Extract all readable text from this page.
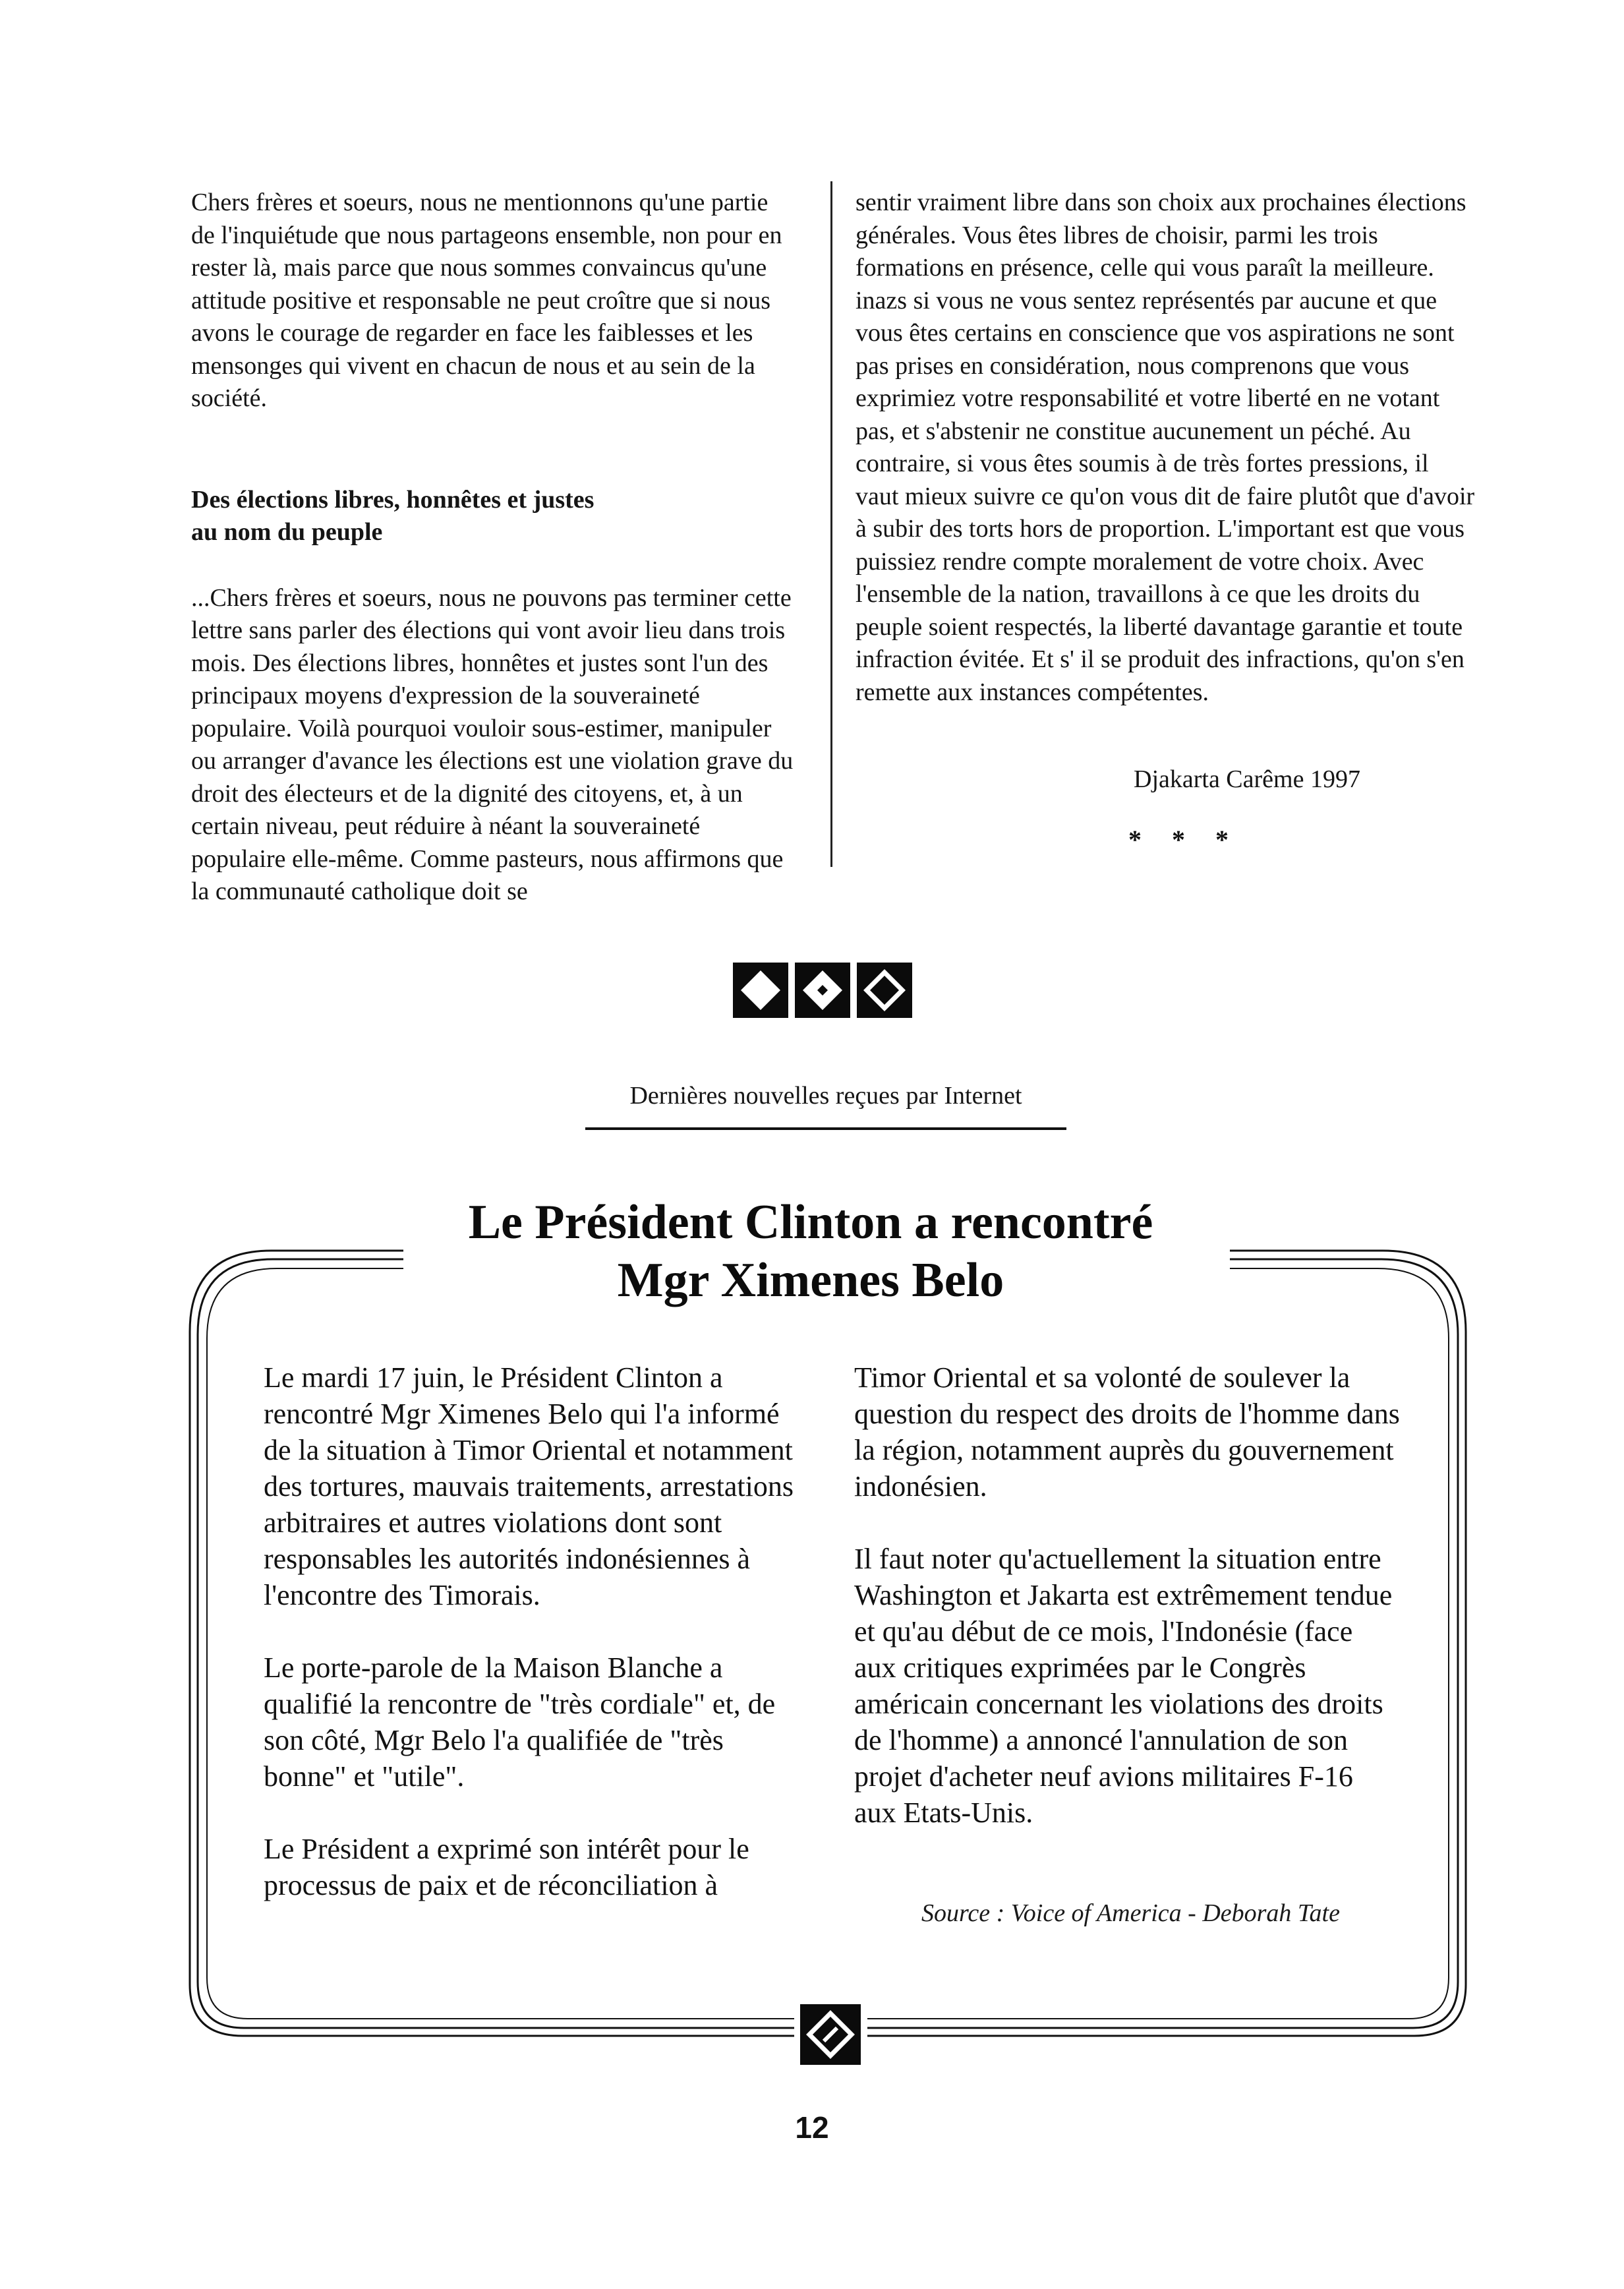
Chers frères et soeurs, nous ne mentionnons qu'une partie de l'inquiétude que nous partageons ensemble, non pour en rester là, mais parce que nous sommes convaincus qu'une attitude positive et responsable ne peut croître que si nous avons le courage de regarder en face les faiblesses et les mensonges qui vivent en chacun de nous et au sein de la société.

Des élections libres, honnêtes et justes

au nom du peuple

...Chers frères et soeurs, nous ne pouvons pas terminer cette lettre sans parler des élections qui vont avoir lieu dans trois mois. Des élections libres, honnêtes et justes sont l'un des principaux moyens d'expression de la souveraineté populaire. Voilà pourquoi vouloir sous-estimer, manipuler ou arranger d'avance les élections est une violation grave du droit des électeurs et de la dignité des citoyens, et, à un certain niveau, peut réduire à néant la souveraineté populaire elle-même. Comme pasteurs, nous affirmons que la communauté catholique doit se

sentir vraiment libre dans son choix aux prochaines élections générales. Vous êtes libres de choisir, parmi les trois formations en présence, celle qui vous paraît la meilleure. inazs si vous ne vous sentez représentés par aucune et que vous êtes certains en conscience que vos aspirations ne sont pas prises en considération, nous comprenons que vous exprimiez votre responsabilité et votre liberté en ne votant pas, et s'abstenir ne constitue aucunement un péché. Au contraire, si vous êtes soumis à de très fortes pressions, il vaut mieux suivre ce qu'on vous dit de faire plutôt que d'avoir à subir des torts hors de proportion. L'important est que vous puissiez rendre compte moralement de votre choix. Avec l'ensemble de la nation, travaillons à ce que les droits du peuple soient respectés, la liberté davantage garantie et toute infraction évitée. Et s' il se produit des infractions, qu'on s'en remette aux instances compétentes.

Djakarta Carême 1997
* * *
Dernières nouvelles reçues par Internet
Le Président Clinton a rencontré
Mgr Ximenes Belo

Le mardi 17 juin, le Président Clinton a rencontré Mgr Ximenes Belo qui l'a informé de la situation à Timor Oriental et notamment des tortures, mauvais traitements, arrestations arbitraires et autres violations dont sont responsables les autorités indonésiennes à l'encontre des Timorais.

Le porte-parole de la Maison Blanche a qualifié la rencontre de "très cordiale" et, de son côté, Mgr Belo l'a qualifiée de "très bonne" et "utile".

Le Président a exprimé son intérêt pour le processus de paix et de réconciliation à

Timor Oriental et sa volonté de soulever la question du respect des droits de l'homme dans la région, notamment auprès du gouvernement indonésien.

Il faut noter qu'actuellement la situation entre Washington et Jakarta est extrêmement tendue et qu'au début de ce mois, l'Indonésie (face aux critiques exprimées par le Congrès américain concernant les violations des droits de l'homme) a annoncé l'annulation de son projet d'acheter neuf avions militaires F-16 aux Etats-Unis.

Source : Voice of America - Deborah Tate
12
